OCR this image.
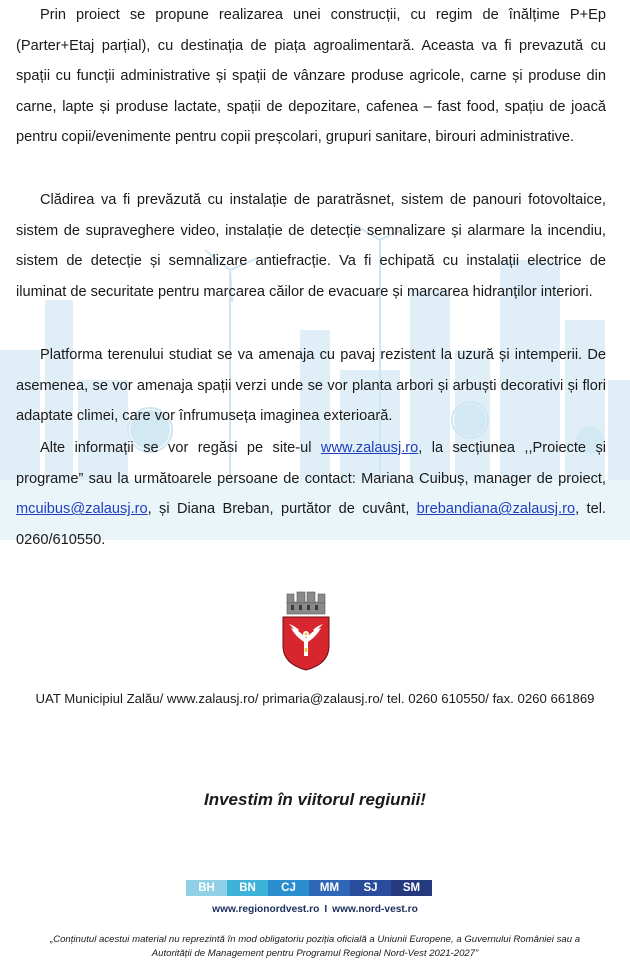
Prin proiect se propune realizarea unei construcții, cu regim de înălțime P+Ep (Parter+Etaj parțial), cu destinația de piața agroalimentară. Aceasta va fi prevazută cu spații cu funcții administrative și spații de vânzare produse agricole, carne și produse din carne, lapte și produse lactate, spații de depozitare, cafenea – fast food, spațiu de joacă pentru copii/evenimente pentru copii preșcolari, grupuri sanitare, birouri administrative.

Clădirea va fi prevăzută cu instalație de paratrăsnet, sistem de panouri fotovoltaice, sistem de supraveghere video, instalație de detecție semnalizare și alarmare la incendiu, sistem de detecție și semnalizare antiefracție. Va fi echipată cu instalații electrice de iluminat de securitate pentru marcarea căilor de evacuare și marcarea hidranților interiori.

Platforma terenului studiat se va amenaja cu pavaj rezistent la uzură și intemperii. De asemenea, se vor amenaja spații verzi unde se vor planta arbori și arbuști decorativi și flori adaptate climei, care vor înfrumuseța imaginea exterioară.

Alte informații se vor regăsi pe site-ul www.zalausj.ro, la secțiunea ,,Proiecte și programe” sau la următoarele persoane de contact: Mariana Cuibuș, manager de proiect, mcuibus@zalausj.ro, și Diana Breban, purtător de cuvânt, brebandiana@zalausj.ro, tel. 0260/610550.

UAT Municipiul Zalău/ www.zalausj.ro/ primaria@zalausj.ro/ tel. 0260 610550/ fax. 0260 661869
Investim în viitorul regiunii!
BH	BN	CJ	MM	SJ	SM
www.regionordvest.ro I www.nord-vest.ro
„Conținutul acestui material nu reprezintă în mod obligatoriu poziția oficială a Uniunii Europene, a Guvernului României sau a Autorității de Management pentru Programul Regional Nord-Vest 2021-2027”
